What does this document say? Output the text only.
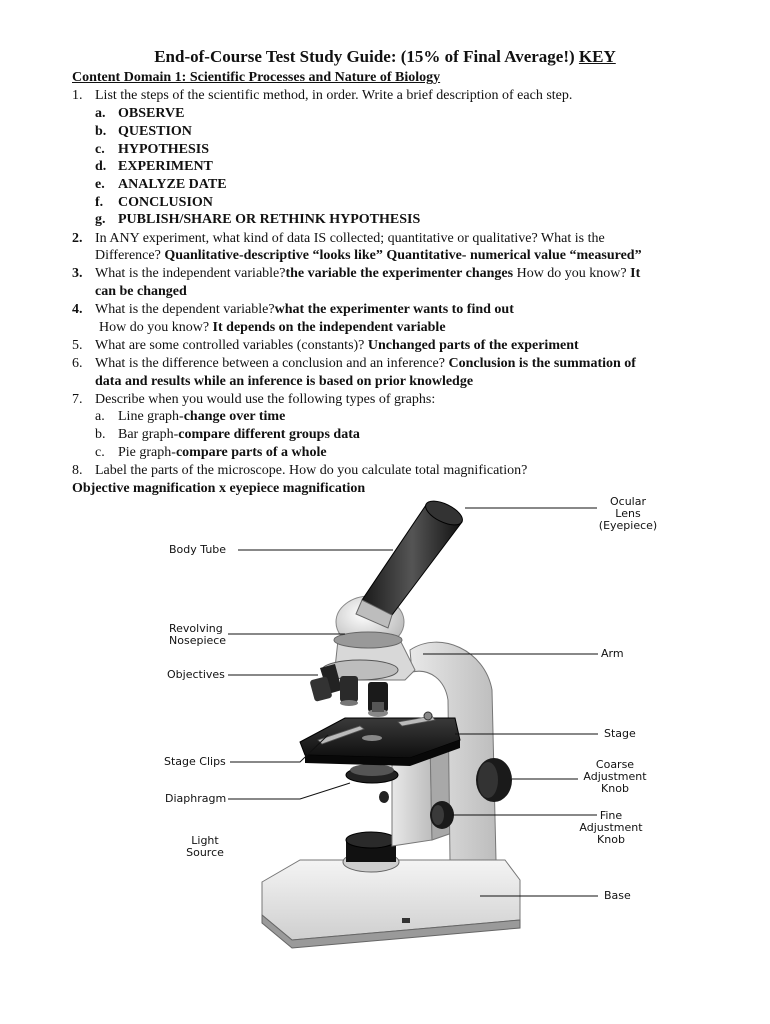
End-of-Course Test Study Guide: (15% of Final Average!) KEY
Content Domain 1: Scientific Processes and Nature of Biology
1. List the steps of the scientific method, in order. Write a brief description of each step.
a. OBSERVE
b. QUESTION
c. HYPOTHESIS
d. EXPERIMENT
e. ANALYZE DATE
f. CONCLUSION
g. PUBLISH/SHARE OR RETHINK HYPOTHESIS
2. In ANY experiment, what kind of data IS collected; quantitative or qualitative? What is the
Difference? Quanlitative-descriptive “looks like” Quantitative- numerical value “measured”
3. What is the independent variable?the variable the experimenter changes How do you know? It
can be changed
4. What is the dependent variable?what the experimenter wants to find out
How do you know? It depends on the independent variable
5. What are some controlled variables (constants)? Unchanged parts of the experiment
6. What is the difference between a conclusion and an inference? Conclusion is the summation of
data and results while an inference is based on prior knowledge
7. Describe when you would use the following types of graphs:
a. Line graph-change over time
b. Bar graph-compare different groups data
c. Pie graph-compare parts of a whole
8. Label the parts of the microscope. How do you calculate total magnification?
Objective magnification x eyepiece magnification
Ocular Lens
(Eyepiece)
Body Tube
Revolving
Nosepiece
Objectives
Arm
Stage
Stage Clips	Coarse
Adjustment
Knob
Diaphragm
Fine
Adjustment
Knob
Light
Source
Base
